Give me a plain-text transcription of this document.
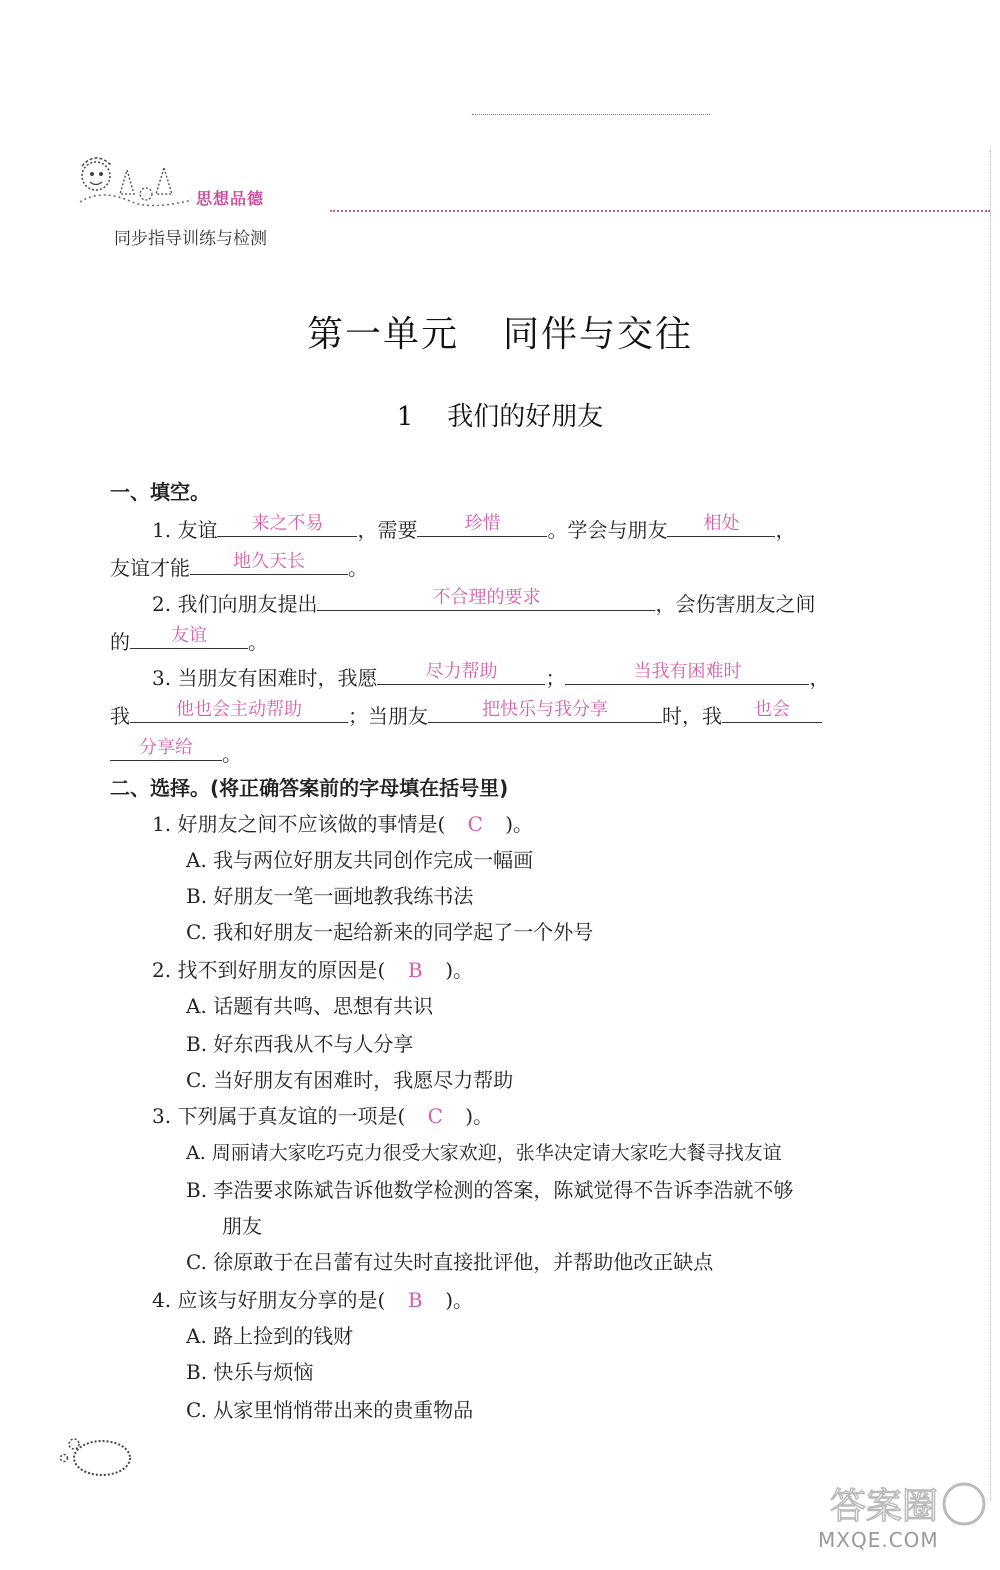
思想品德
同步指导训练与检测
第一单元 同伴与交往
1 我们的好朋友
一、填空。
1. 友谊 来之不易 ，需要	珍惜 。学会与朋友 相处 ，
友谊才能 地久天长 。
2. 我们向朋友提出	不合理的要求	，会伤害朋友之间
的 友谊 。
3. 当朋友有困难时，我愿	尽力帮助 ；	当我有困难时	，
我	他也会主动帮助 ；当朋友	把快乐与我分享	时，我 也会
分享给 。
二、选择。(将正确答案前的字母填在括号里)
1. 好朋友之间不应该做的事情是( C )。
A. 我与两位好朋友共同创作完成一幅画
B. 好朋友一笔一画地教我练书法
C. 我和好朋友一起给新来的同学起了一个外号
2. 找不到好朋友的原因是( B )。
A. 话题有共鸣、思想有共识
B. 好东西我从不与人分享
C. 当好朋友有困难时，我愿尽力帮助
3. 下列属于真友谊的一项是( C )。
A. 周丽请大家吃巧克力很受大家欢迎，张华决定请大家吃大餐寻找友谊
B. 李浩要求陈斌告诉他数学检测的答案，陈斌觉得不告诉李浩就不够
朋友
C. 徐原敢于在吕蕾有过失时直接批评他，并帮助他改正缺点
4. 应该与好朋友分享的是( B )。
A. 路上捡到的钱财
B. 快乐与烦恼
C. 从家里悄悄带出来的贵重物品
答案圈
MXQE.COM
